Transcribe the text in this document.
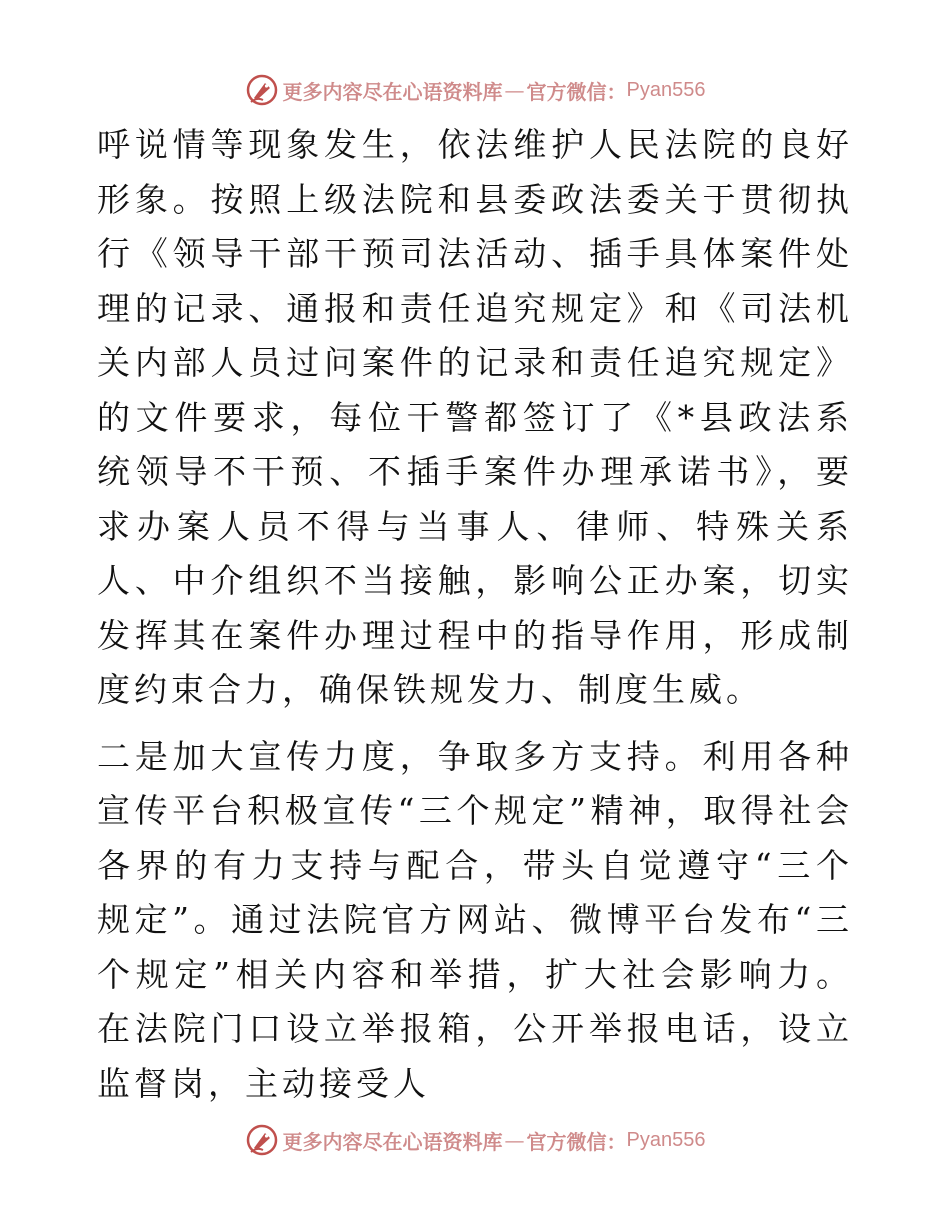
更多内容尽在心语资料库 — 官方微信： Pyan556

呼说情等现象发生，依法维护人民法院的良好形象。按照上级法院和县委政法委关于贯彻执行《领导干部干预司法活动、插手具体案件处理的记录、通报和责任追究规定》和《司法机关内部人员过问案件的记录和责任追究规定》的文件要求，每位干警都签订了《*县政法系统领导不干预、不插手案件办理承诺书》，要求办案人员不得与当事人、律师、特殊关系人、中介组织不当接触，影响公正办案，切实发挥其在案件办理过程中的指导作用，形成制度约束合力，确保铁规发力、制度生威。

二是加大宣传力度，争取多方支持。利用各种宣传平台积极宣传“三个规定”精神，取得社会各界的有力支持与配合，带头自觉遵守“三个规定”。通过法院官方网站、微博平台发布“三个规定”相关内容和举措，扩大社会影响力。在法院门口设立举报箱，公开举报电话，设立监督岗，主动接受人

更多内容尽在心语资料库 — 官方微信： Pyan556
